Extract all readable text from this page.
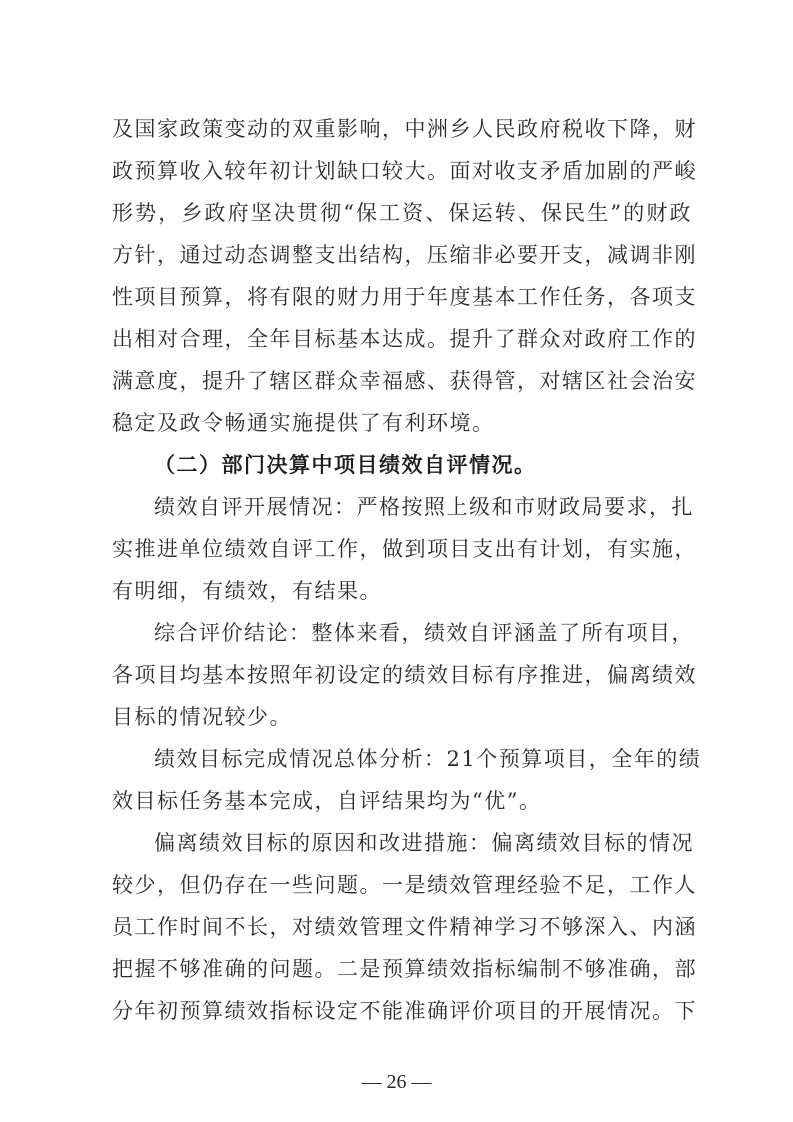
及国家政策变动的双重影响，中洲乡人民政府税收下降，财
政预算收入较年初计划缺口较大。面对收支矛盾加剧的严峻
形势，乡政府坚决贯彻“保工资、保运转、保民生”的财政
方针，通过动态调整支出结构，压缩非必要开支，减调非刚
性项目预算，将有限的财力用于年度基本工作任务，各项支
出相对合理，全年目标基本达成。提升了群众对政府工作的
满意度，提升了辖区群众幸福感、获得管，对辖区社会治安
稳定及政令畅通实施提供了有利环境。
（二）部门决算中项目绩效自评情况。
绩效自评开展情况：严格按照上级和市财政局要求，扎
实推进单位绩效自评工作，做到项目支出有计划，有实施，
有明细，有绩效，有结果。
综合评价结论：整体来看，绩效自评涵盖了所有项目，
各项目均基本按照年初设定的绩效目标有序推进，偏离绩效
目标的情况较少。
绩效目标完成情况总体分析：21个预算项目，全年的绩
效目标任务基本完成，自评结果均为“优”。
偏离绩效目标的原因和改进措施：偏离绩效目标的情况
较少，但仍存在一些问题。一是绩效管理经验不足，工作人
员工作时间不长，对绩效管理文件精神学习不够深入、内涵
把握不够准确的问题。二是预算绩效指标编制不够准确，部
分年初预算绩效指标设定不能准确评价项目的开展情况。下
— 26 —
